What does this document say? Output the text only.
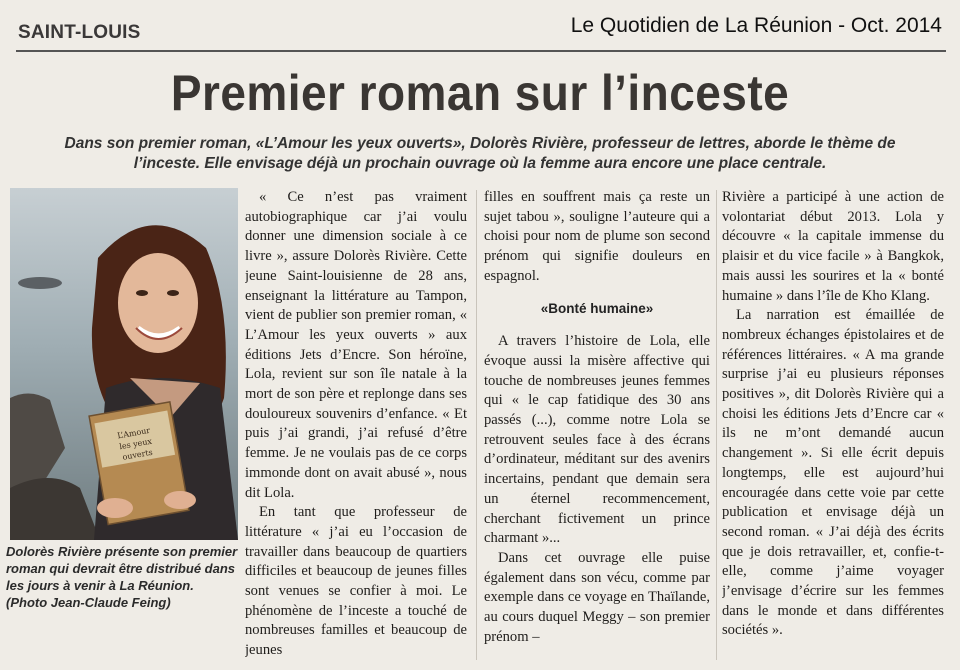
SAINT-LOUIS	Le Quotidien de La Réunion - Oct. 2014
Premier roman sur l’inceste
Dans son premier roman, «L’Amour les yeux ouverts», Dolorès Rivière, professeur de lettres, aborde le thème de l’inceste. Elle envisage déjà un prochain ouvrage où la femme aura encore une place centrale.
L’Amour
les yeux
ouverts
Dolorès Rivière présente son premier roman qui devrait être distribué dans les jours à venir à La Réunion. (Photo Jean-Claude Feing)

« Ce n’est pas vraiment autobiographique car j’ai voulu donner une dimension sociale à ce livre », assure Dolorès Rivière. Cette jeune Saint-louisienne de 28 ans, enseignant la littérature au Tampon, vient de publier son premier roman, « L’Amour les yeux ouverts » aux éditions Jets d’Encre. Son héroïne, Lola, revient sur son île natale à la mort de son père et replonge dans ses douloureux souvenirs d’enfance. « Et puis j’ai grandi, j’ai refusé d’être femme. Je ne voulais pas de ce corps immonde dont on avait abusé », nous dit Lola.

En tant que professeur de littérature « j’ai eu l’occasion de travailler dans beaucoup de quartiers difficiles et beaucoup de jeunes filles sont venues se confier à moi. Le phénomène de l’inceste a touché de nombreuses familles et beaucoup de jeunes

filles en souffrent mais ça reste un sujet tabou », souligne l’auteure qui a choisi pour nom de plume son second prénom qui signifie douleurs en espagnol.

«Bonté humaine»

A travers l’histoire de Lola, elle évoque aussi la misère affective qui touche de nombreuses jeunes femmes qui « le cap fatidique des 30 ans passés (...), comme notre Lola se retrouvent seules face à des écrans d’ordinateur, méditant sur des avenirs incertains, pendant que demain sera un éternel recommencement, cherchant fictivement un prince charmant »...

Dans cet ouvrage elle puise également dans son vécu, comme par exemple dans ce voyage en Thaïlande, au cours duquel Meggy – son premier prénom –

Rivière a participé à une action de volontariat début 2013. Lola y découvre « la capitale immense du plaisir et du vice facile » à Bangkok, mais aussi les sourires et la « bonté humaine » dans l’île de Kho Klang.

La narration est émaillée de nombreux échanges épistolaires et de références littéraires. « A ma grande surprise j’ai eu plusieurs réponses positives », dit Dolorès Rivière qui a choisi les éditions Jets d’Encre car « ils ne m’ont demandé aucun changement ». Si elle écrit depuis longtemps, elle est aujourd’hui encouragée dans cette voie par cette publication et envisage déjà un second roman. « J’ai déjà des écrits que je dois retravailler, et, confie-t-elle, comme j’aime voyager j’envisage d’écrire sur les femmes dans le monde et dans différentes sociétés ».
